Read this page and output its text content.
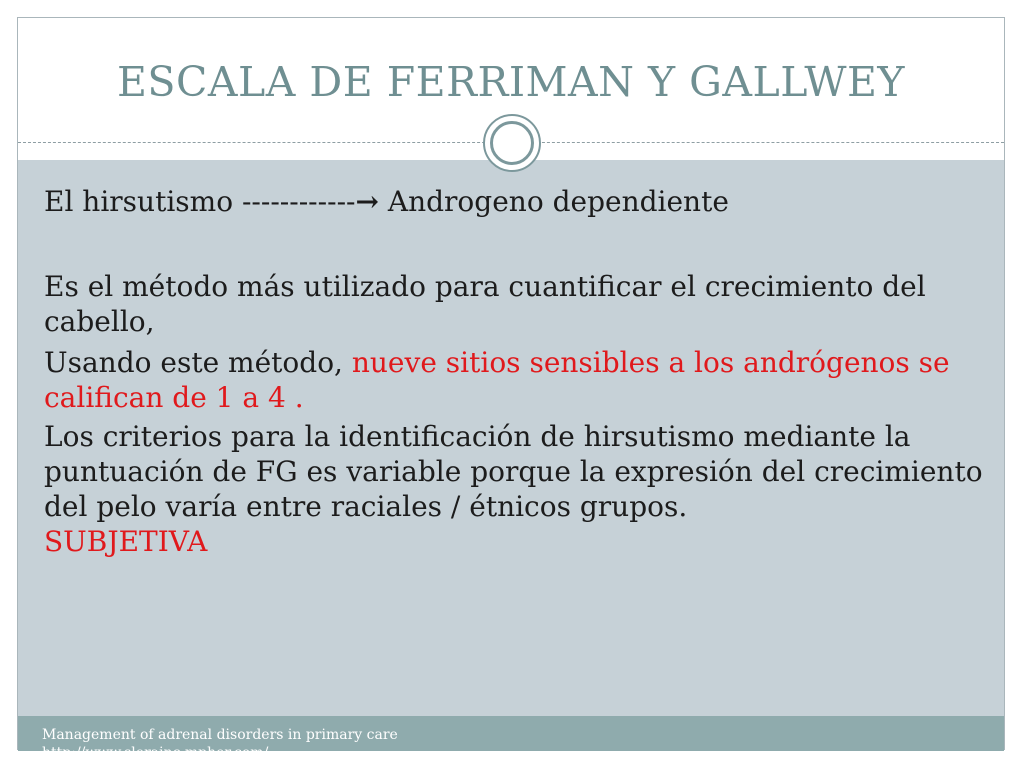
ESCALA DE FERRIMAN Y GALLWEY

El hirsutismo ------------→ Androgeno dependiente

Es el método más utilizado para cuantificar el crecimiento del cabello,

Usando este método, nueve sitios sensibles a los andrógenos se califican de 1 a 4 .

Los criterios para la identificación de hirsutismo mediante la puntuación de FG es variable porque la expresión del crecimiento del pelo varía entre raciales / étnicos grupos.
SUBJETIVA

Management of adrenal disorders in primary care
http://www.slerainc.mpher.com/...
